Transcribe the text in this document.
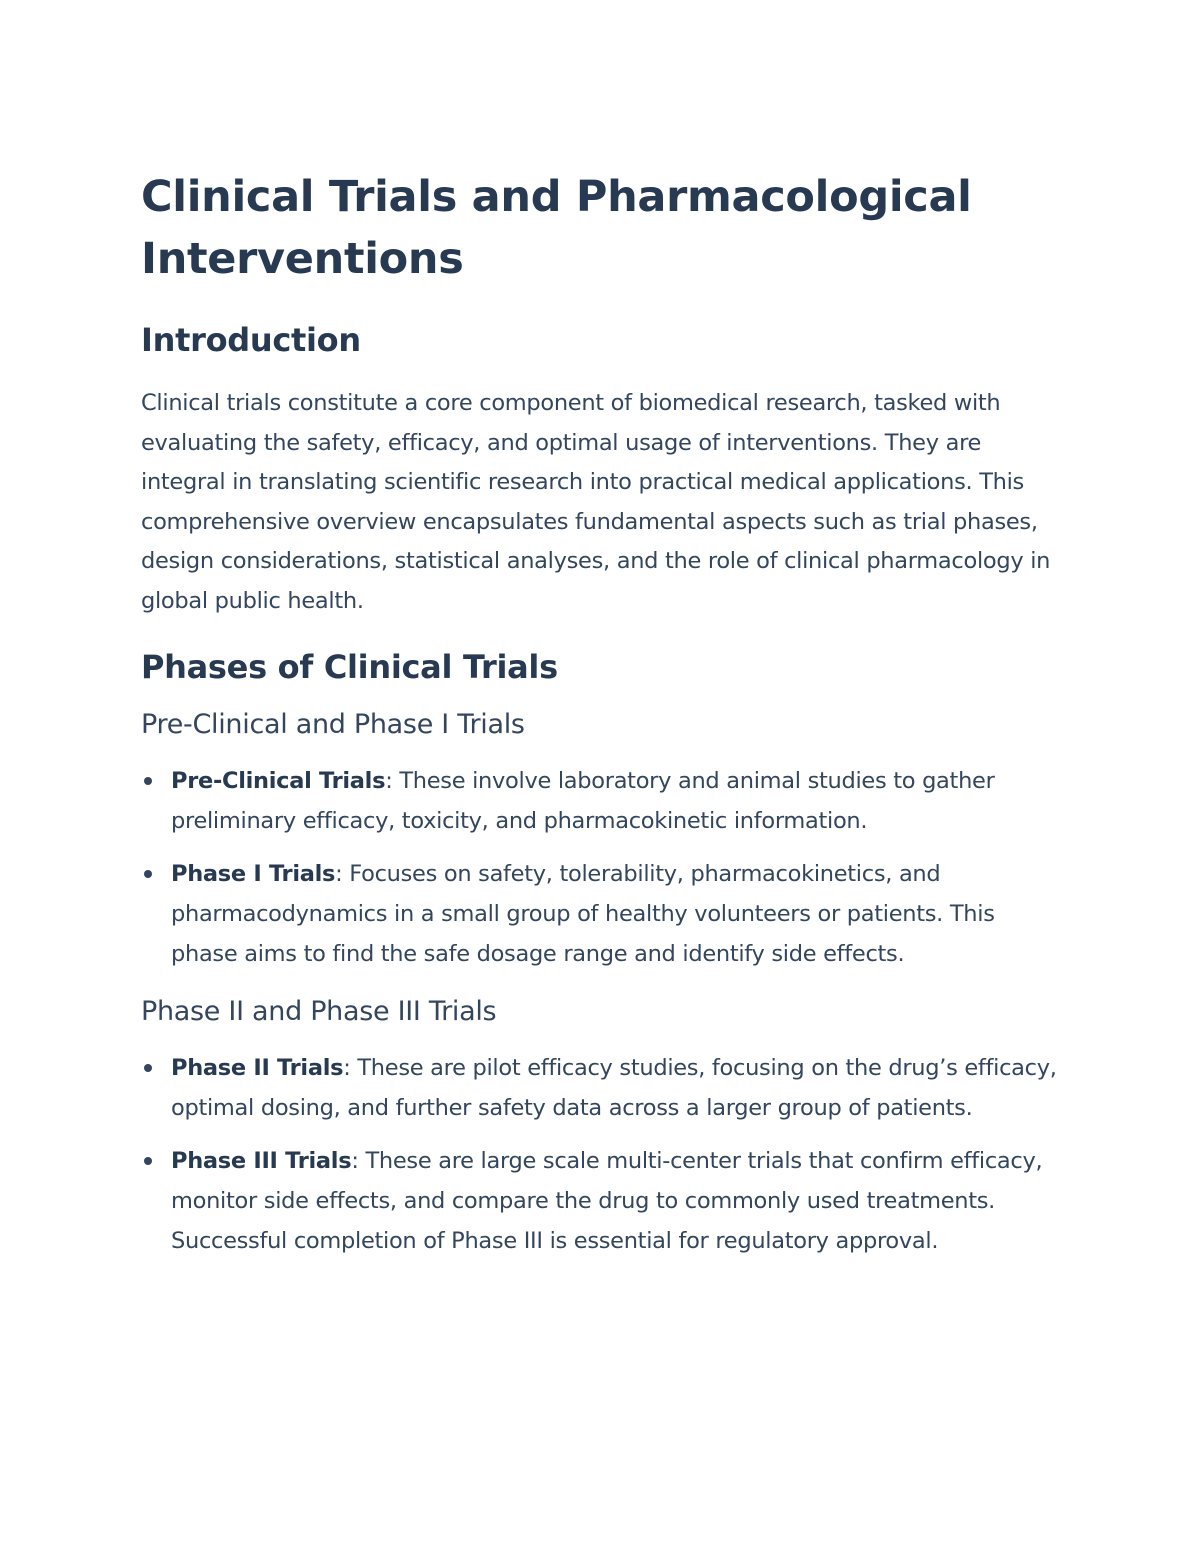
Clinical Trials and Pharmacological Interventions
Introduction

Clinical trials constitute a core component of biomedical research, tasked with evaluating the safety, efficacy, and optimal usage of interventions. They are integral in translating scientific research into practical medical applications. This comprehensive overview encapsulates fundamental aspects such as trial phases, design considerations, statistical analyses, and the role of clinical pharmacology in global public health.

Phases of Clinical Trials
Pre-Clinical and Phase I Trials
Pre-Clinical Trials: These involve laboratory and animal studies to gather preliminary efficacy, toxicity, and pharmacokinetic information.
Phase I Trials: Focuses on safety, tolerability, pharmacokinetics, and pharmacodynamics in a small group of healthy volunteers or patients. This phase aims to find the safe dosage range and identify side effects.
Phase II and Phase III Trials
Phase II Trials: These are pilot efficacy studies, focusing on the drug’s efficacy, optimal dosing, and further safety data across a larger group of patients.
Phase III Trials: These are large scale multi-center trials that confirm efficacy, monitor side effects, and compare the drug to commonly used treatments. Successful completion of Phase III is essential for regulatory approval.
